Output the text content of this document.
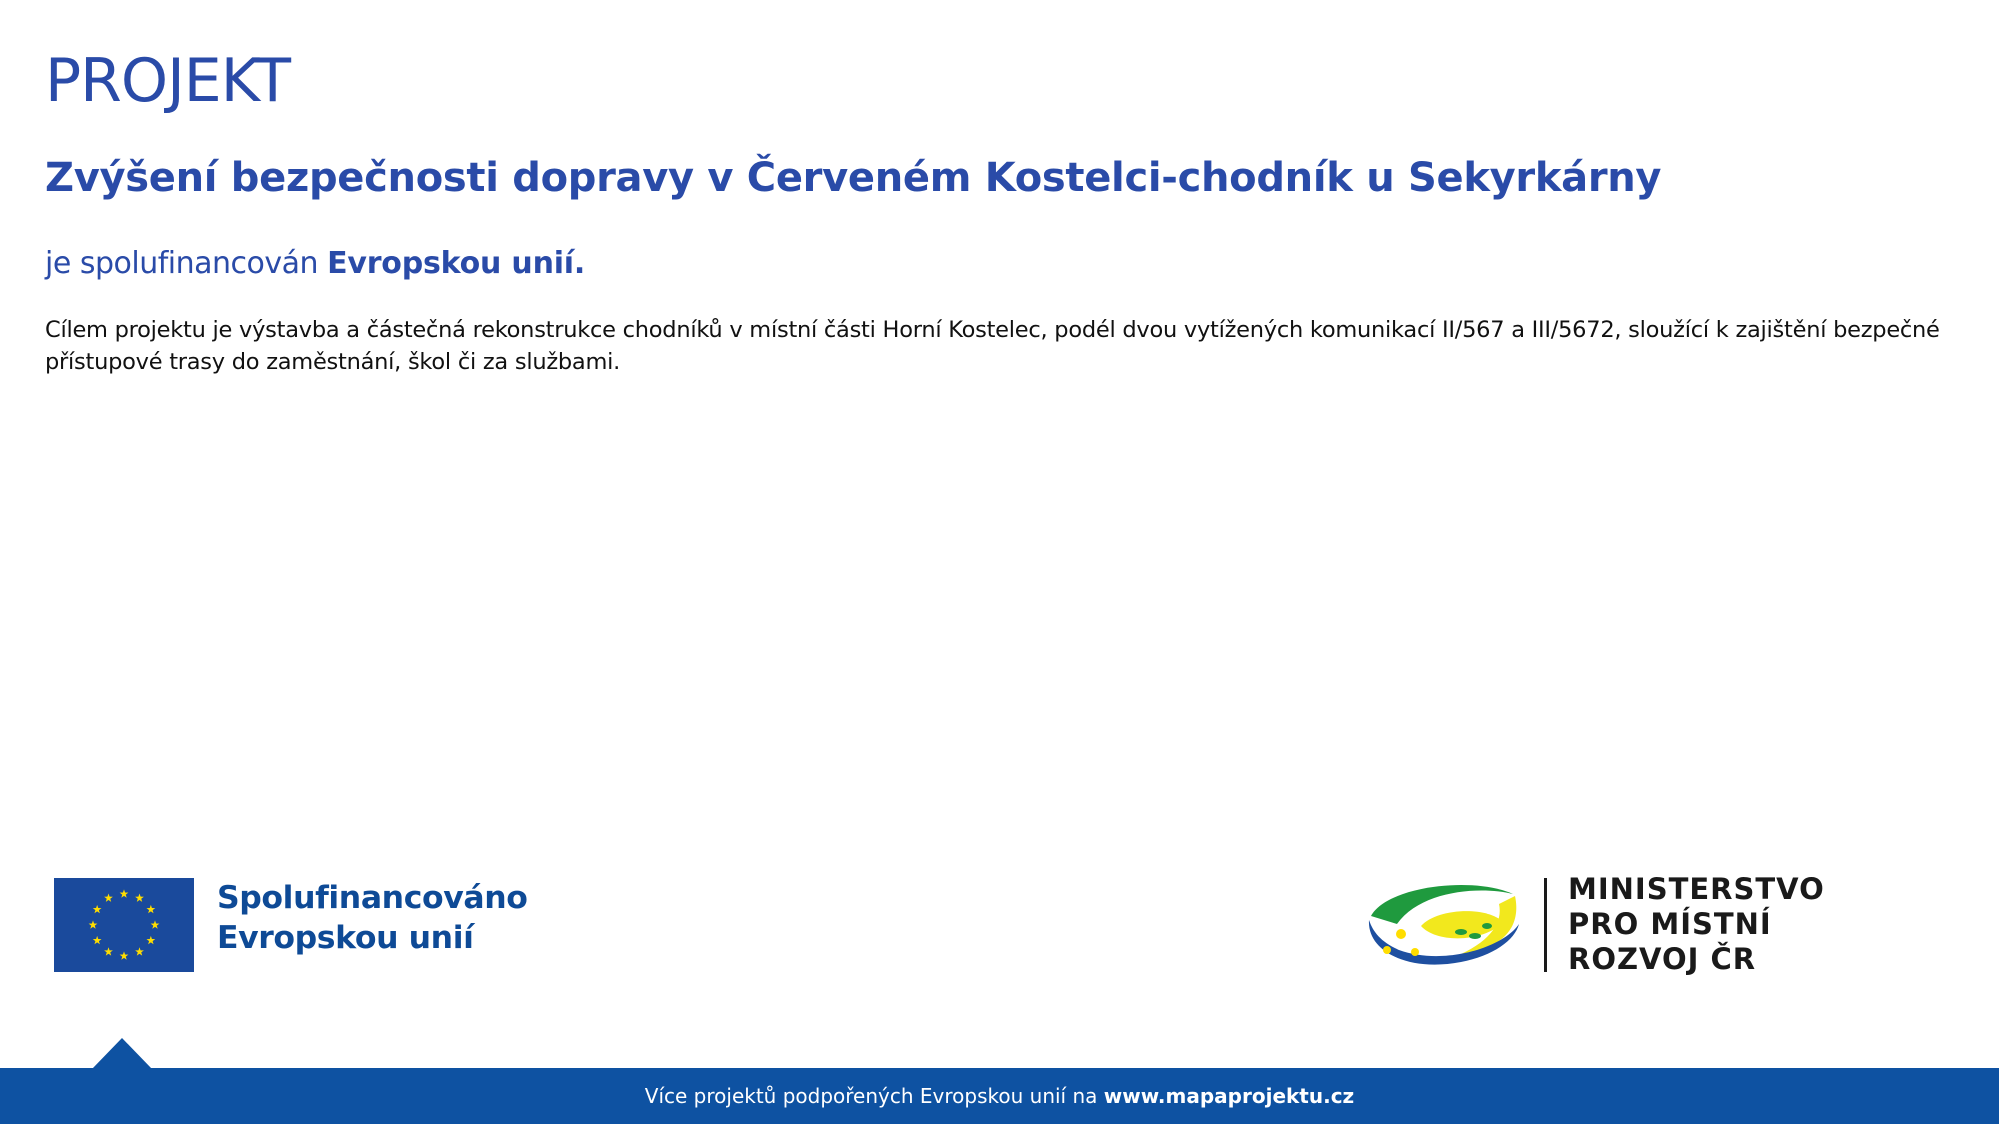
PROJEKT
Zvýšení bezpečnosti dopravy v Červeném Kostelci-chodník u Sekyrkárny
je spolufinancován Evropskou unií.

Cílem projektu je výstavba a částečná rekonstrukce chodníků v místní části Horní Kostelec, podél dvou vytížených komunikací II/567 a III/5672, sloužící k zajištění bezpečné přístupové trasy do zaměstnání, škol či za službami.

Spolufinancováno
Evropskou unií
MINISTERSTVO
PRO MÍSTNÍ
ROZVOJ ČR
Více projektů podpořených Evropskou unií na www.mapaprojektu.cz
